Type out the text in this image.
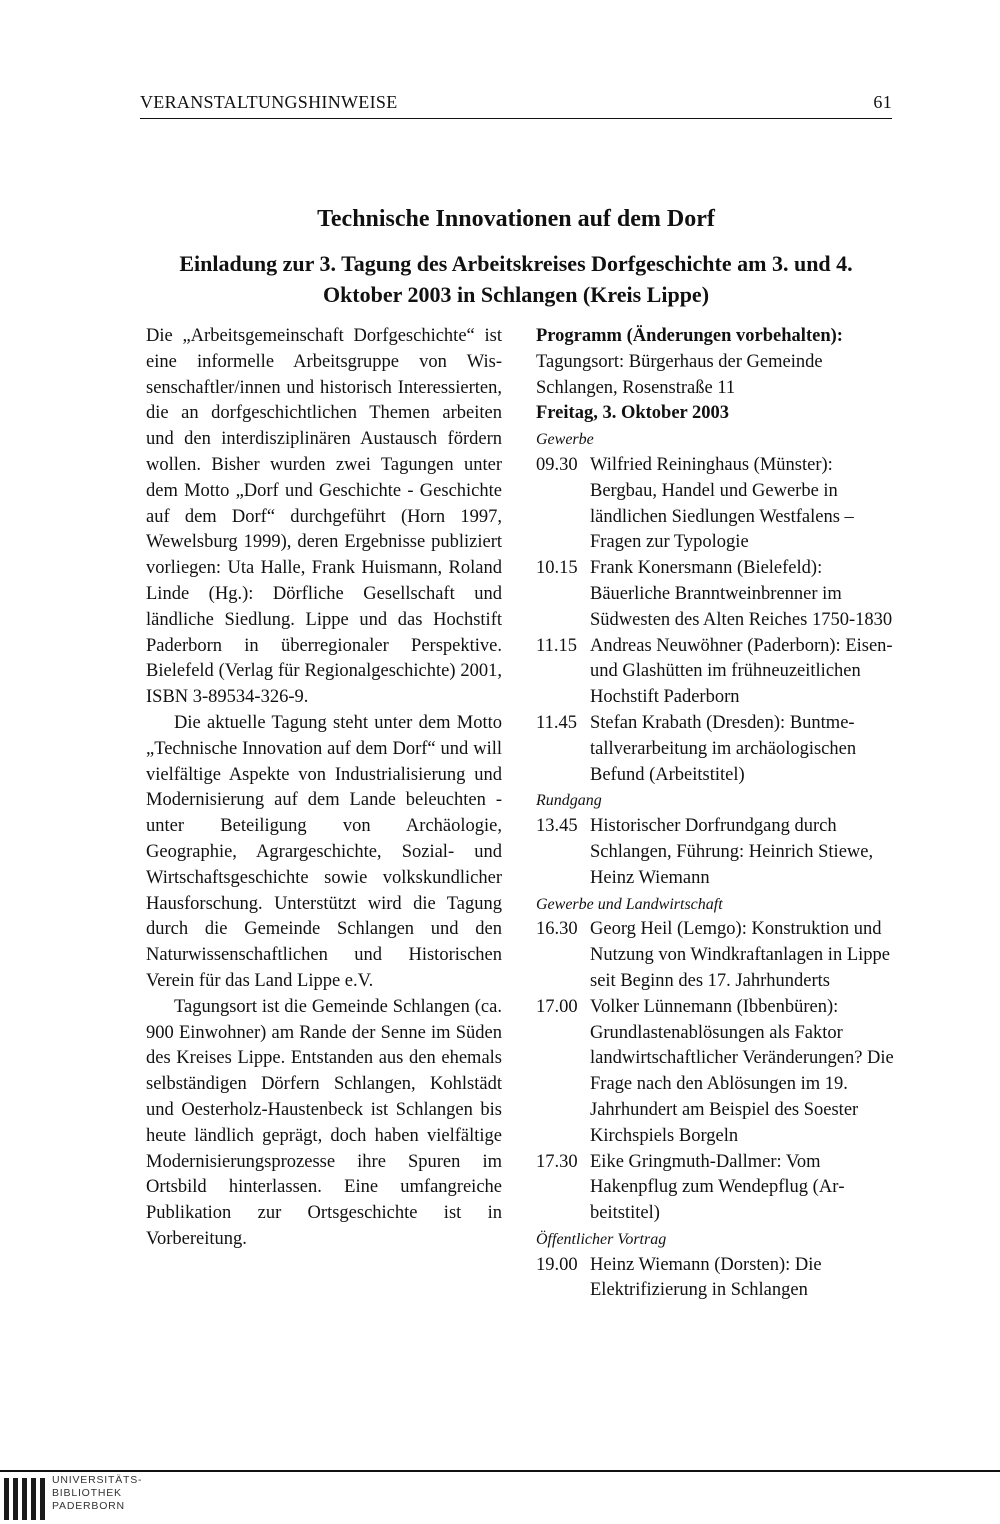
VERANSTALTUNGSHINWEISE	61
Technische Innovationen auf dem Dorf
Einladung zur 3. Tagung des Arbeitskreises Dorfgeschichte am 3. und 4. Oktober 2003 in Schlangen (Kreis Lippe)

Die „Arbeitsgemeinschaft Dorfgeschichte“ ist eine informelle Arbeitsgruppe von Wissenschaftler/innen und historisch Interessierten, die an dorfgeschichtlichen Themen arbeiten und den interdisziplinären Austausch fördern wollen. Bisher wurden zwei Tagungen unter dem Motto „Dorf und Geschichte - Geschichte auf dem Dorf“ durchgeführt (Horn 1997, Wewelsburg 1999), deren Ergebnisse publiziert vorliegen: Uta Halle, Frank Huismann, Roland Linde (Hg.): Dörfliche Gesellschaft und ländliche Siedlung. Lippe und das Hochstift Paderborn in überregionaler Perspektive. Bielefeld (Verlag für Regionalgeschichte) 2001, ISBN 3-89534-326-9.

Die aktuelle Tagung steht unter dem Motto „Technische Innovation auf dem Dorf“ und will vielfältige Aspekte von Industrialisierung und Modernisierung auf dem Lande beleuchten - unter Beteiligung von Archäologie, Geographie, Agrargeschichte, Sozial- und Wirtschaftsgeschichte sowie volkskundlicher Hausforschung. Unterstützt wird die Tagung durch die Gemeinde Schlangen und den Naturwissenschaftlichen und Historischen Verein für das Land Lippe e.V.

Tagungsort ist die Gemeinde Schlangen (ca. 900 Einwohner) am Rande der Senne im Süden des Kreises Lippe. Entstanden aus den ehemals selbständigen Dörfern Schlangen, Kohlstädt und Oesterholz-Haustenbeck ist Schlangen bis heute ländlich geprägt, doch haben vielfältige Modernisierungsprozesse ihre Spuren im Ortsbild hinterlassen. Eine umfangreiche Publikation zur Ortsgeschichte ist in Vorbereitung.

Programm (Änderungen vorbehalten):
Tagungsort: Bürgerhaus der Gemeinde Schlangen, Rosenstraße 11
Freitag, 3. Oktober 2003
Gewerbe
09.30 Wilfried Reininghaus (Münster): Bergbau, Handel und Gewerbe in ländlichen Siedlungen Westfalens – Fragen zur Typologie
10.15 Frank Konersmann (Bielefeld): Bäuerliche Branntweinbrenner im Südwesten des Alten Reiches 1750-1830
11.15 Andreas Neuwöhner (Paderborn): Eisen- und Glashütten im frühneuzeitlichen Hochstift Paderborn
11.45 Stefan Krabath (Dresden): Buntmetallverarbeitung im archäologischen Befund (Arbeitstitel)
Rundgang
13.45 Historischer Dorfrundgang durch Schlangen, Führung: Heinrich Stiewe, Heinz Wiemann
Gewerbe und Landwirtschaft
16.30 Georg Heil (Lemgo): Konstruktion und Nutzung von Windkraftanlagen in Lippe seit Beginn des 17. Jahrhunderts
17.00 Volker Lünnemann (Ibbenbüren): Grundlastenablösungen als Faktor landwirtschaftlicher Veränderungen? Die Frage nach den Ablösungen im 19. Jahrhundert am Beispiel des Soester Kirchspiels Borgeln
17.30 Eike Gringmuth-Dallmer: Vom Hakenpflug zum Wendepflug (Arbeitstitel)
Öffentlicher Vortrag
19.00 Heinz Wiemann (Dorsten): Die Elektrifizierung in Schlangen
UNIVERSITÄTS-
BIBLIOTHEK
PADERBORN
